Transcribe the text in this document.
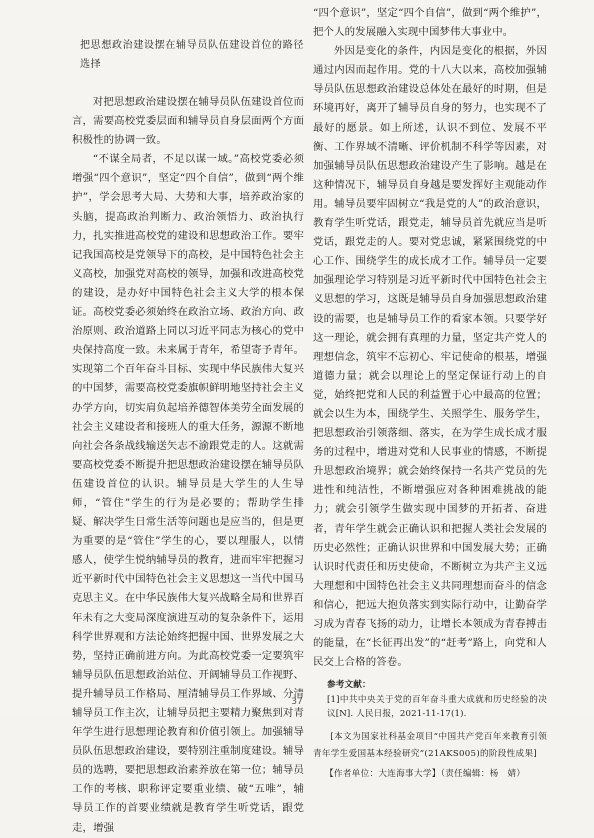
把思想政治建设摆在辅导员队伍建设首位的路径选择

对把思想政治建设摆在辅导员队伍建设首位而言，需要高校党委层面和辅导员自身层面两个方面积极性的协调一致。

“不谋全局者，不足以谋一域。”高校党委必须增强“四个意识”，坚定“四个自信”，做到“两个维护”，学会思考大局、大势和大事，培养政治家的头脑，提高政治判断力、政治领悟力、政治执行力，扎实推进高校党的建设和思想政治工作。要牢记我国高校是党领导下的高校，是中国特色社会主义高校，加强党对高校的领导，加强和改进高校党的建设，是办好中国特色社会主义大学的根本保证。高校党委必须始终在政治立场、政治方向、政治原则、政治道路上同以习近平同志为核心的党中央保持高度一致。未来属于青年，希望寄予青年。实现第二个百年奋斗目标、实现中华民族伟大复兴的中国梦，需要高校党委旗帜鲜明地坚持社会主义办学方向，切实肩负起培养德智体美劳全面发展的社会主义建设者和接班人的重大任务，源源不断地向社会各条战线输送矢志不渝跟党走的人。这就需要高校党委不断提升把思想政治建设摆在辅导员队伍建设首位的认识。辅导员是大学生的人生导师，“管住”学生的行为是必要的；帮助学生排疑、解决学生日常生活等问题也是应当的，但是更为重要的是“管住”学生的心，要以理服人，以情感人，使学生悦纳辅导员的教育，进而牢牢把握习近平新时代中国特色社会主义思想这一当代中国马克思主义。在中华民族伟大复兴战略全局和世界百年未有之大变局深度演进互动的复杂条件下，运用科学世界观和方法论始终把握中国、世界发展之大势，坚持正确前进方向。为此高校党委一定要筑牢辅导员队伍思想政治站位、开阔辅导员工作视野、提升辅导员工作格局、厘清辅导员工作界域、分清辅导员工作主次，让辅导员把主要精力聚焦到对青年学生进行思想理论教育和价值引领上。加强辅导员队伍思想政治建设，要特别注重制度建设。辅导员的选聘，要把思想政治素养放在第一位；辅导员工作的考核、职称评定要重业绩、破“五唯”，辅导员工作的首要业绩就是教育学生听党话，跟党走，增强

“四个意识”，坚定“四个自信”，做到“两个维护”，把个人的发展融入实现中国梦伟大事业中。

外因是变化的条件，内因是变化的根据，外因通过内因而起作用。党的十八大以来，高校加强辅导员队伍思想政治建设总体处在最好的时期，但是环境再好，离开了辅导员自身的努力，也实现不了最好的愿景。如上所述，认识不到位、发展不平衡、工作界域不清晰、评价机制不科学等因素，对加强辅导员队伍思想政治建设产生了影响。越是在这种情况下，辅导员自身越是要发挥好主观能动作用。辅导员要牢固树立“我是党的人”的政治意识，教育学生听党话，跟党走，辅导员首先就应当是听党话，跟党走的人。要对党忠诚，紧紧围绕党的中心工作、围绕学生的成长成才工作。辅导员一定要加强理论学习特别是习近平新时代中国特色社会主义思想的学习，这既是辅导员自身加强思想政治建设的需要，也是辅导员工作的看家本领。只要学好这一理论，就会拥有真理的力量，坚定共产党人的理想信念，筑牢不忘初心、牢记使命的根基，增强道德力量；就会以理论上的坚定保证行动上的自觉，始终把党和人民的利益置于心中最高的位置；就会以生为本，围绕学生、关照学生、服务学生，把思想政治引领落细、落实，在为学生成长成才服务的过程中，增进对党和人民事业的情感，不断提升思想政治境界；就会始终保持一名共产党员的先进性和纯洁性，不断增强应对各种困难挑战的能力；就会引领学生做实现中国梦的开拓者、奋进者，青年学生就会正确认识和把握人类社会发展的历史必然性；正确认识世界和中国发展大势；正确认识时代责任和历史使命，不断树立为共产主义远大理想和中国特色社会主义共同理想而奋斗的信念和信心，把远大抱负落实到实际行动中，让勤奋学习成为青春飞扬的动力，让增长本领成为青春搏击的能量，在“长征再出发”的“赶考”路上，向党和人民交上合格的答卷。

参考文献：

[1]中共中央关于党的百年奋斗重大成就和历史经验的决议[N]. 人民日报，2021-11-17(1).

[本文为国家社科基金项目“中国共产党百年来教育引领青年学生爱国基本经验研究”(21AKS005)的阶段性成果]

【作者单位：大连海事大学】（责任编辑：杨　婧）

37
